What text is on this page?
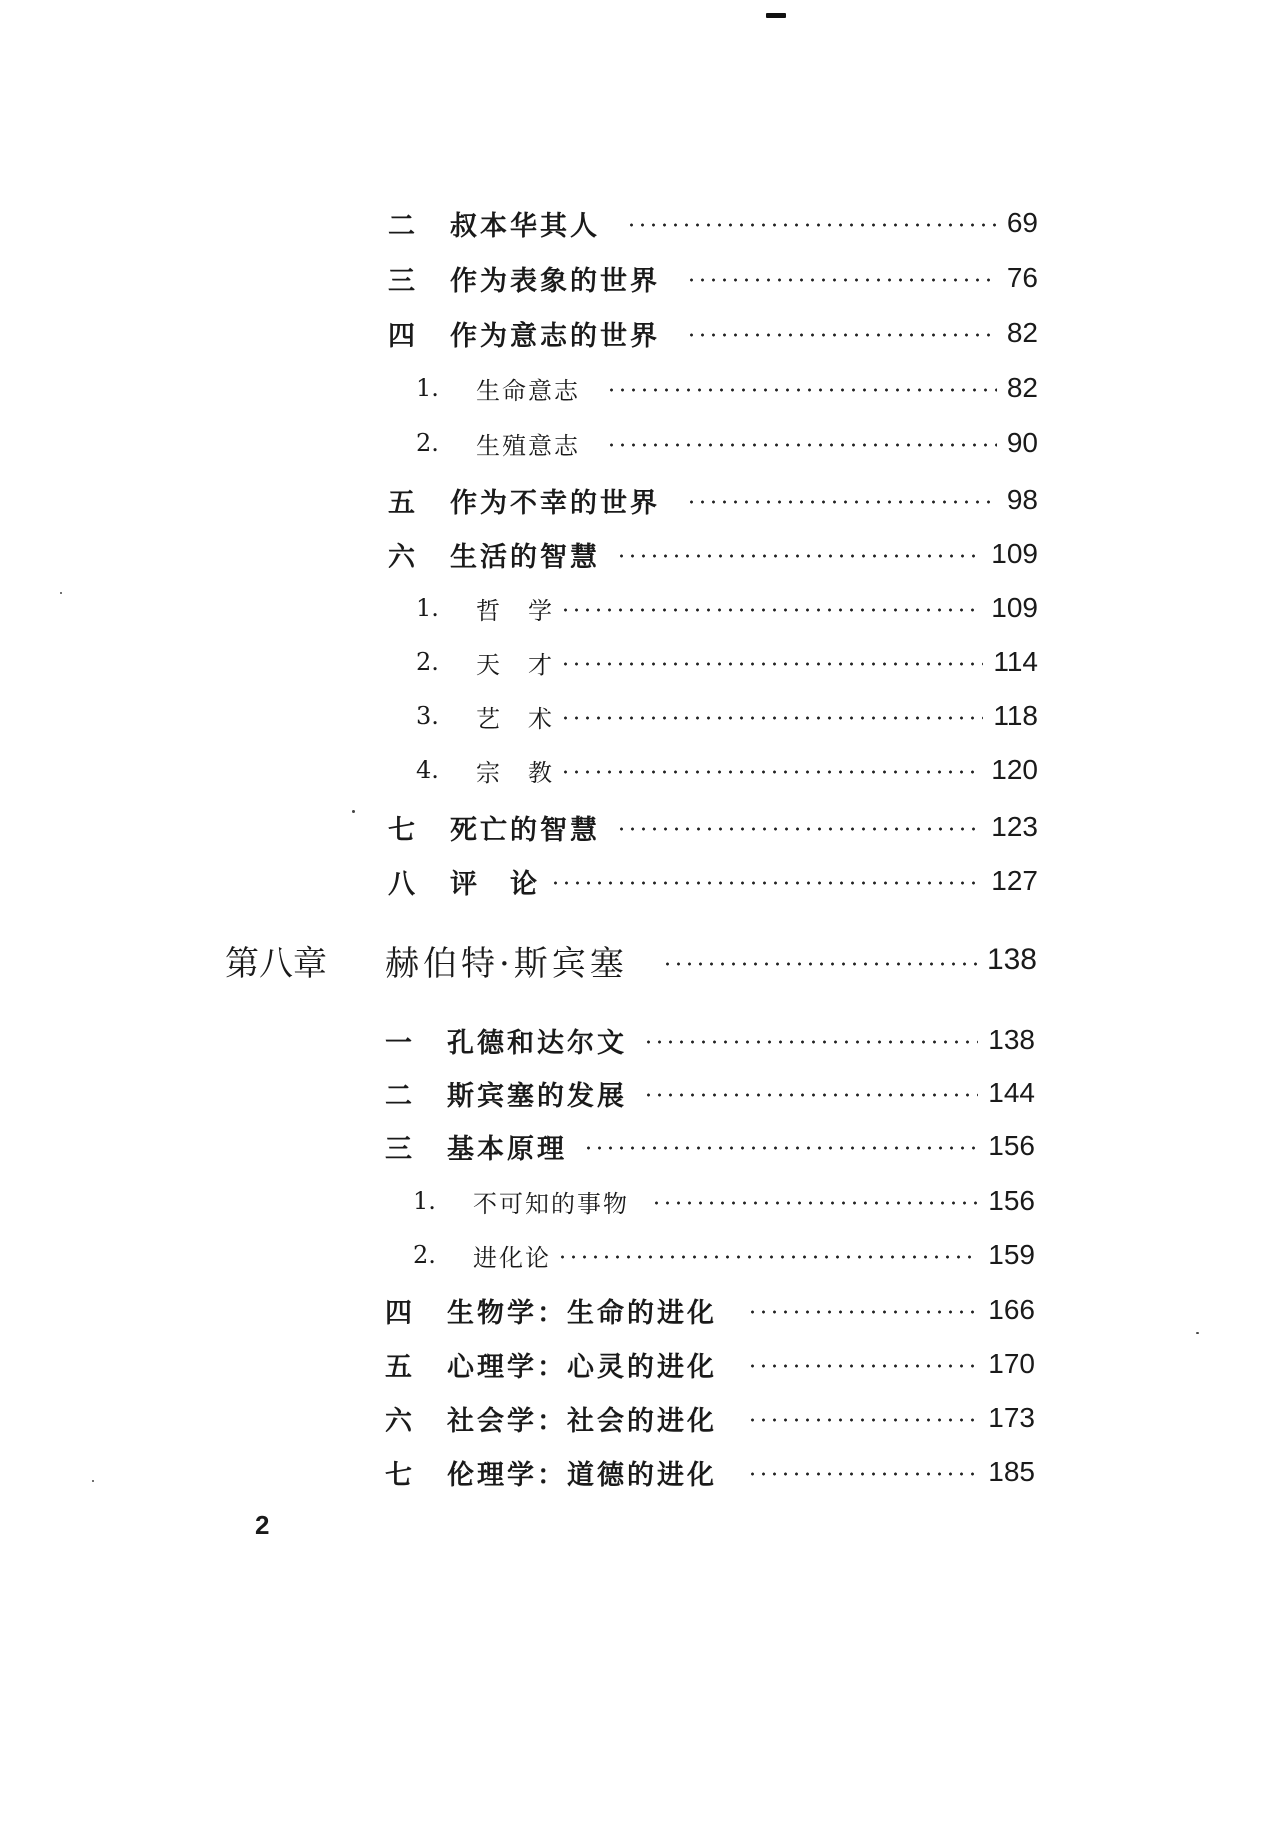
二	叔本华其人	69
三	作为表象的世界	76
四	作为意志的世界	82
1.	生命意志	82
2.	生殖意志	90
五	作为不幸的世界	98
六	生活的智慧	109
1.	哲　学	109
2.	天　才	114
3.	艺　术	118
4.	宗　教	120
七	死亡的智慧	123
八	评　论	127
第八章	赫伯特·斯宾塞	138
一	孔德和达尔文	138
二	斯宾塞的发展	144
三	基本原理	156
1.	不可知的事物	156
2.	进化论	159
四	生物学：生命的进化	166
五	心理学：心灵的进化	170
六	社会学：社会的进化	173
七	伦理学：道德的进化	185
2
